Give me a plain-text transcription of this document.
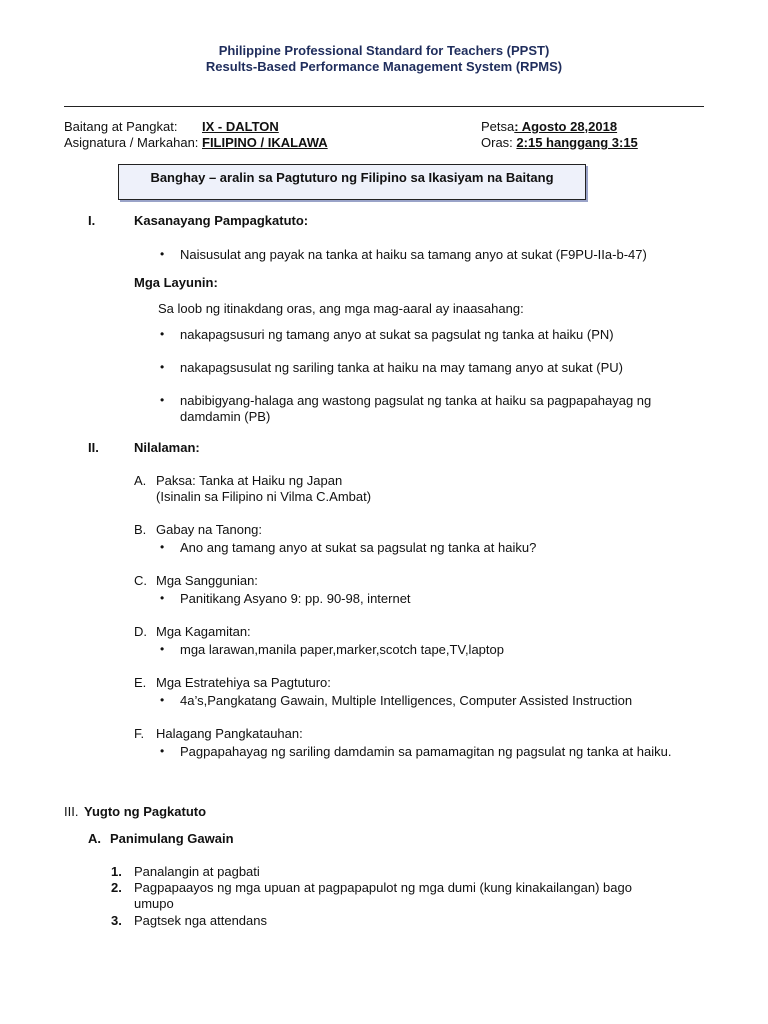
Philippine Professional Standard for Teachers (PPST)
Results-Based Performance Management System (RPMS)
Baitang at Pangkat: IX - DALTON
Asignatura / Markahan: FILIPINO / IKALAWA
Petsa: Agosto 28,2018
Oras: 2:15 hanggang 3:15
Banghay – aralin sa Pagtuturo ng Filipino sa Ikasiyam na Baitang
I.	Kasanayang Pampagkatuto:
• Naisusulat ang payak na tanka at haiku sa tamang anyo at sukat (F9PU-IIa-b-47)
Mga Layunin:
Sa loob ng itinakdang oras, ang mga mag-aaral ay inaasahang:
• nakapagsusuri ng tamang anyo at sukat sa pagsulat ng tanka at haiku (PN)
• nakapagsusulat ng sariling tanka at haiku na may tamang anyo at sukat (PU)
• nabibigyang-halaga ang wastong pagsulat ng tanka at haiku sa pagpapahayag ng damdamin (PB)
II.	Nilalaman:
A. Paksa: Tanka at Haiku ng Japan
(Isinalin sa Filipino ni Vilma C.Ambat)
B. Gabay na Tanong:
• Ano ang tamang anyo at sukat sa pagsulat ng tanka at haiku?
C. Mga Sanggunian:
• Panitikang Asyano 9: pp. 90-98, internet
D. Mga Kagamitan:
• mga larawan,manila paper,marker,scotch tape,TV,laptop
E. Mga Estratehiya sa Pagtuturo:
• 4a’s,Pangkatang Gawain, Multiple Intelligences, Computer Assisted Instruction
F. Halagang Pangkatauhan:
• Pagpapahayag ng sariling damdamin sa pamamagitan ng pagsulat ng tanka at haiku.
III. Yugto ng Pagkatuto
A. Panimulang Gawain
1. Panalangin at pagbati
2. Pagpapaayos ng mga upuan at pagpapapulot ng mga dumi (kung kinakailangan) bago umupo
3. Pagtsek nga attendans
